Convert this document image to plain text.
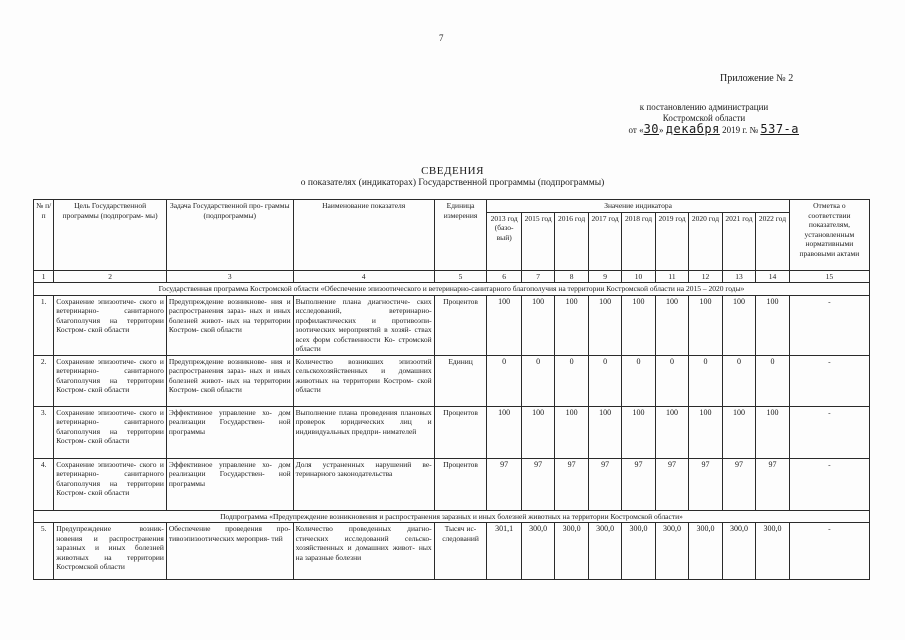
7
Приложение № 2
к постановлению администрации
Костромской области
от «30» декабря 2019 г. № 537-а
СВЕДЕНИЯ
о показателях (индикаторах) Государственной программы (подпрограммы)
№ п/п	Цель Государственной программы (подпрограм- мы)	Задача Государственной про- граммы (подпрограммы)	Наименование показателя	Единица измерения	Значение индикатора									Отметка о соответствии показателям, установленным нормативными правовыми актами
					2013 год (базо- вый)	2015 год	2016 год	2017 год	2018 год	2019 год	2020 год	2021 год	2022 год	
1	2	3	4	5	6	7	8	9	10	11	12	13	14	15
Государственная программа Костромской области «Обеспечение эпизоотического и ветеринарно-санитарного благополучия на территории Костромской области на 2015 – 2020 годы»														
1.	Сохранение эпизоотиче- ского и ветеринарно- санитарного благополучия на территории Костром- ской области	Предупреждение возникнове- ния и распространения зараз- ных и иных болезней живот- ных на территории Костром- ской области	Выполнение плана диагностиче- ских исследований, ветеринарно- профилактических и противоэпи- зоотических мероприятий в хозяй- ствах всех форм собственности Ко- стромской области	Процентов	100	100	100	100	100	100	100	100	100	-
2.	Сохранение эпизоотиче- ского и ветеринарно- санитарного благополучия на территории Костром- ской области	Предупреждение возникнове- ния и распространения зараз- ных и иных болезней живот- ных на территории Костром- ской области	Количество возникших эпизоотий сельскохозяйственных и домашних животных на территории Костром- ской области	Единиц	0	0	0	0	0	0	0	0	0	-
3.	Сохранение эпизоотиче- ского и ветеринарно- санитарного благополучия на территории Костром- ской области	Эффективное управление хо- дом реализации Государствен- ной программы	Выполнение плана проведения плановых проверок юридических лиц и индивидуальных предпри- нимателей	Процентов	100	100	100	100	100	100	100	100	100	-
4.	Сохранение эпизоотиче- ского и ветеринарно- санитарного благополучия на территории Костром- ской области	Эффективное управление хо- дом реализации Государствен- ной программы	Доля устраненных нарушений ве- теринарного законодательства	Процентов	97	97	97	97	97	97	97	97	97	-
Подпрограмма «Предупреждение возникновения и распространения заразных и иных болезней животных на территории Костромской области»														
5.	Предупреждение возник- новения и распространения заразных и иных болезней животных на территории Костромской области	Обеспечение проведения про- тивоэпизоотических мероприя- тий	Количество проведенных диагно- стических исследований сельско- хозяйственных и домашних живот- ных на заразные болезни	Тысяч ис- следований	301,1	300,0	300,0	300,0	300,0	300,0	300,0	300,0	300,0	-
